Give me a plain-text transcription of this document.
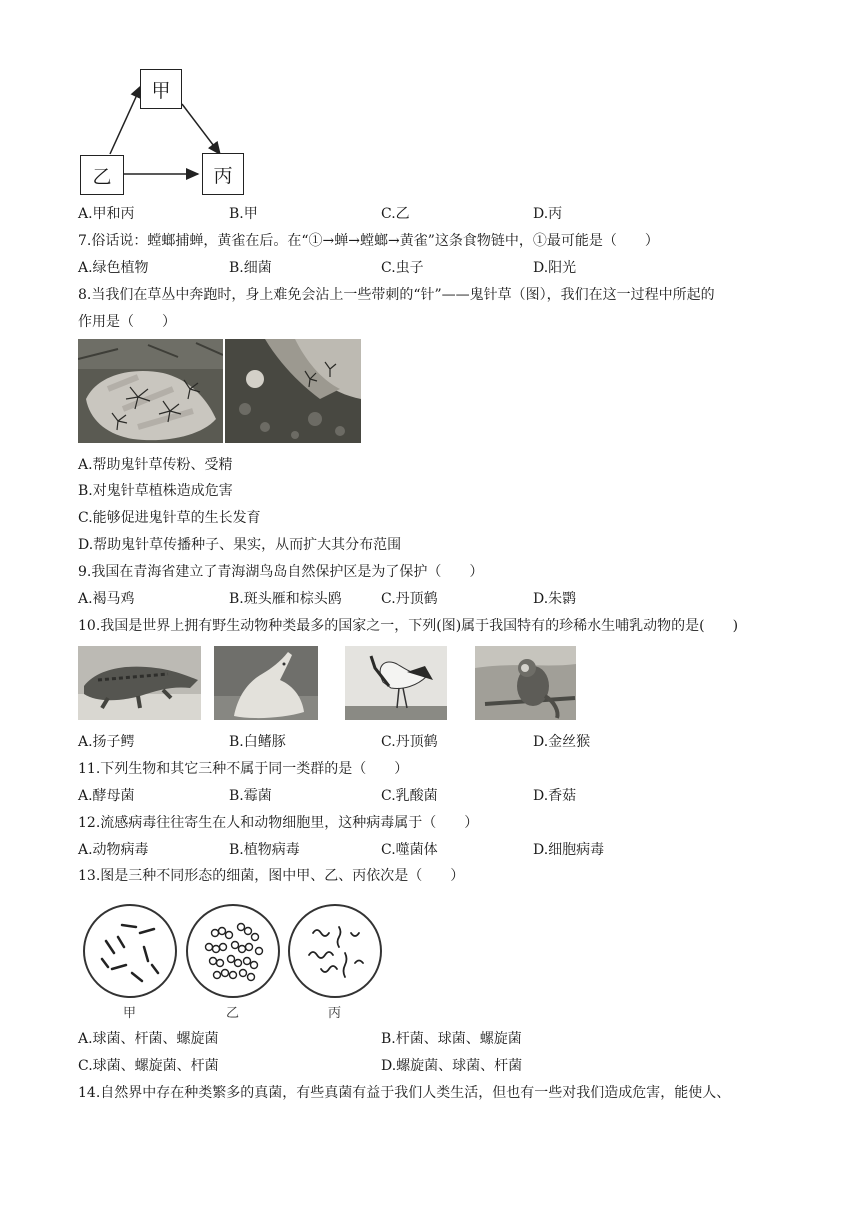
甲
乙	丙
A.甲和丙	B.甲	C.乙	D.丙
7.俗话说：螳螂捕蝉，黄雀在后。在“①→蝉→螳螂→黄雀”这条食物链中，①最可能是（　　）
A.绿色植物	B.细菌	C.虫子	D.阳光
8.当我们在草丛中奔跑时，身上难免会沾上一些带刺的“针”——鬼针草（图），我们在这一过程中所起的
作用是（　　）
A.帮助鬼针草传粉、受精
B.对鬼针草植株造成危害
C.能够促进鬼针草的生长发育
D.帮助鬼针草传播种子、果实，从而扩大其分布范围
9.我国在青海省建立了青海湖鸟岛自然保护区是为了保护（　　）
A.褐马鸡	B.斑头雁和棕头鸥	C.丹顶鹤	D.朱鹮
10.我国是世界上拥有野生动物种类最多的国家之一，下列(图)属于我国特有的珍稀水生哺乳动物的是(　　)
A.扬子鳄	B.白鳍豚	C.丹顶鹤	D.金丝猴
11.下列生物和其它三种不属于同一类群的是（　　）
A.酵母菌	B.霉菌	C.乳酸菌	D.香菇
12.流感病毒往往寄生在人和动物细胞里，这种病毒属于（　　）
A.动物病毒	B.植物病毒	C.噬菌体	D.细胞病毒
13.图是三种不同形态的细菌，图中甲、乙、丙依次是（　　）
甲	乙	丙
A.球菌、杆菌、螺旋菌	B.杆菌、球菌、螺旋菌
C.球菌、螺旋菌、杆菌	D.螺旋菌、球菌、杆菌
14.自然界中存在种类繁多的真菌，有些真菌有益于我们人类生活，但也有一些对我们造成危害，能使人、
